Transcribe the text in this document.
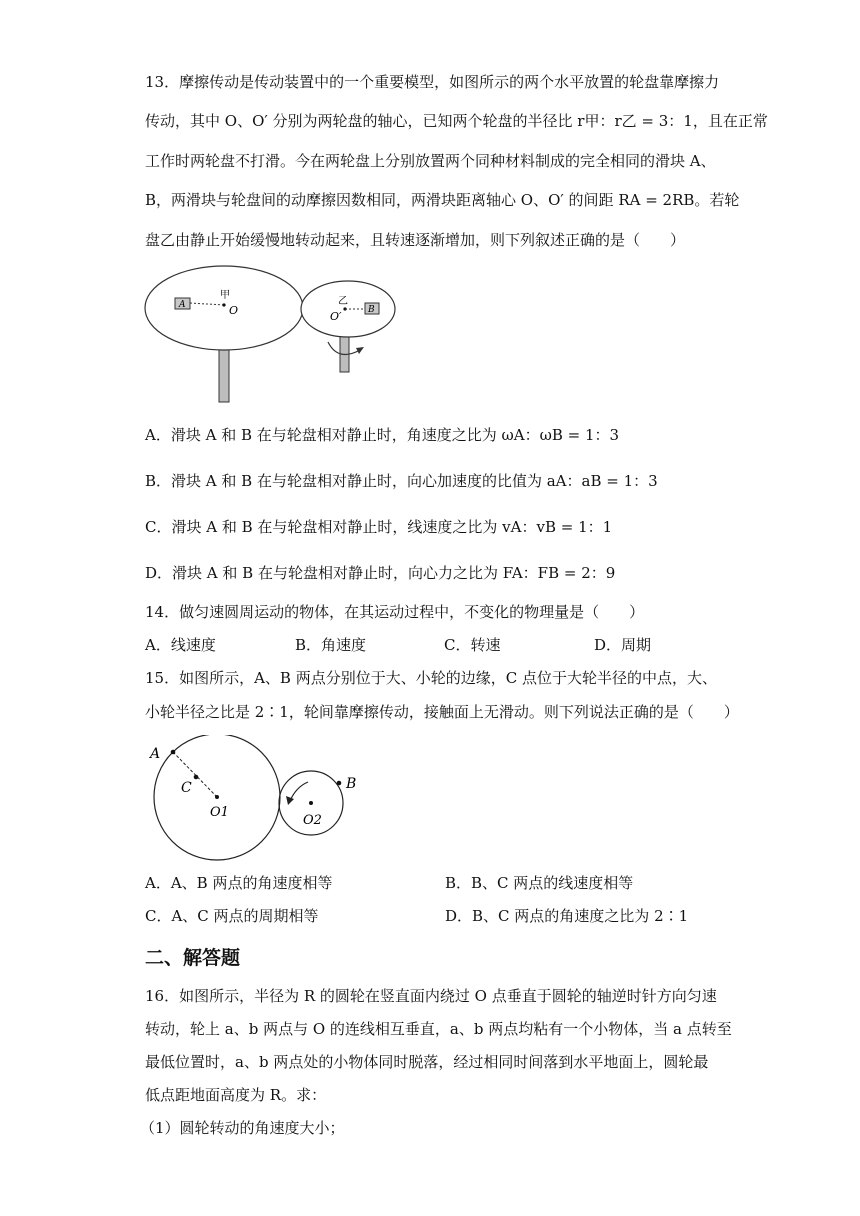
13．摩擦传动是传动装置中的一个重要模型，如图所示的两个水平放置的轮盘靠摩擦力
传动，其中 O、O′ 分别为两轮盘的轴心，已知两个轮盘的半径比 r甲：r乙 = 3：1，且在正常
工作时两轮盘不打滑。今在两轮盘上分别放置两个同种材料制成的完全相同的滑块 A、
B，两滑块与轮盘间的动摩擦因数相同，两滑块距离轴心 O、O′ 的间距 RA = 2RB。若轮
盘乙由静止开始缓慢地转动起来，且转速逐渐增加，则下列叙述正确的是（　　）
A
甲
O	B
乙
O′
A．滑块 A 和 B 在与轮盘相对静止时，角速度之比为 ωA：ωB = 1：3
B．滑块 A 和 B 在与轮盘相对静止时，向心加速度的比值为 aA：aB = 1：3
C．滑块 A 和 B 在与轮盘相对静止时，线速度之比为 vA：vB = 1：1
D．滑块 A 和 B 在与轮盘相对静止时，向心力之比为 FA：FB = 2：9
14．做匀速圆周运动的物体，在其运动过程中，不变化的物理量是（　　）
A．线速度	B．角速度	C．转速	D．周期
15．如图所示，A、B 两点分别位于大、小轮的边缘，C 点位于大轮半径的中点，大、
小轮半径之比是 2∶1，轮间靠摩擦传动，接触面上无滑动。则下列说法正确的是（　　）
A
C
O1
B
O2
A．A、B 两点的角速度相等	B．B、C 两点的线速度相等
C．A、C 两点的周期相等	D．B、C 两点的角速度之比为 2∶1
二、解答题
16．如图所示，半径为 R 的圆轮在竖直面内绕过 O 点垂直于圆轮的轴逆时针方向匀速
转动，轮上 a、b 两点与 O 的连线相互垂直，a、b 两点均粘有一个小物体，当 a 点转至
最低位置时，a、b 两点处的小物体同时脱落，经过相同时间落到水平地面上，圆轮最
低点距地面高度为 R。求：
（1）圆轮转动的角速度大小；
